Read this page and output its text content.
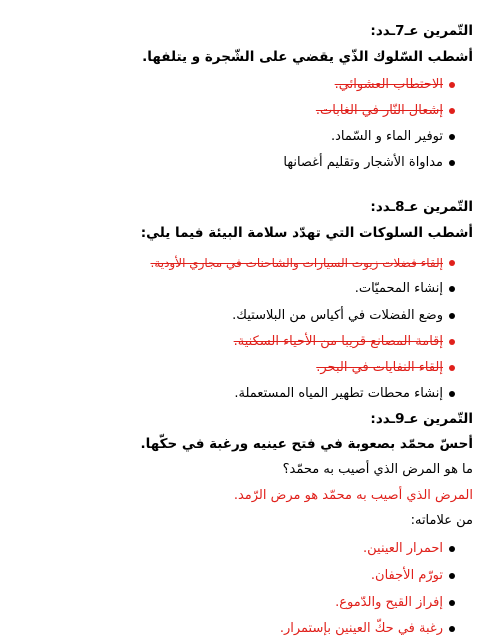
التّمرين عـ7ـدد:
أشطب السّلوك الذّي يقضي على الشّجرة و يتلفها.
الاحتطاب العشوائي.
إشعال النّار في الغابات.
توفير الماء و السّماد.
مداواة الأشجار وتقليم أغصانها
التّمرين عـ8ـدد:
أشطب السلوكات التي تهدّد سلامة البيئة فيما يلي:
إلقاء فضلات زيوت السيارات والشاحنات في مجاري الأودية.
إنشاء المحميّات.
وضع الفضلات في أكياس من البلاستيك.
إقامة المصانع قريبا من الأحياء السكنية.
إلقاء النفايات في البحر.
إنشاء محطات تطهير المياه المستعملة.
التّمرين عـ9ـدد:
أحسّ محمّد بصعوبة في فتح عينيه ورغبة في حكّها.
ما هو المرض الذي أصيب به محمّد؟
المرض الذي أصيب به محمّد هو مرض الرّمد.
من علاماته:
احمرار العينين.
تورّم الأجفان.
إفراز القيح والدّموع.
رغبة في حكّ العينين بإستمرار.
